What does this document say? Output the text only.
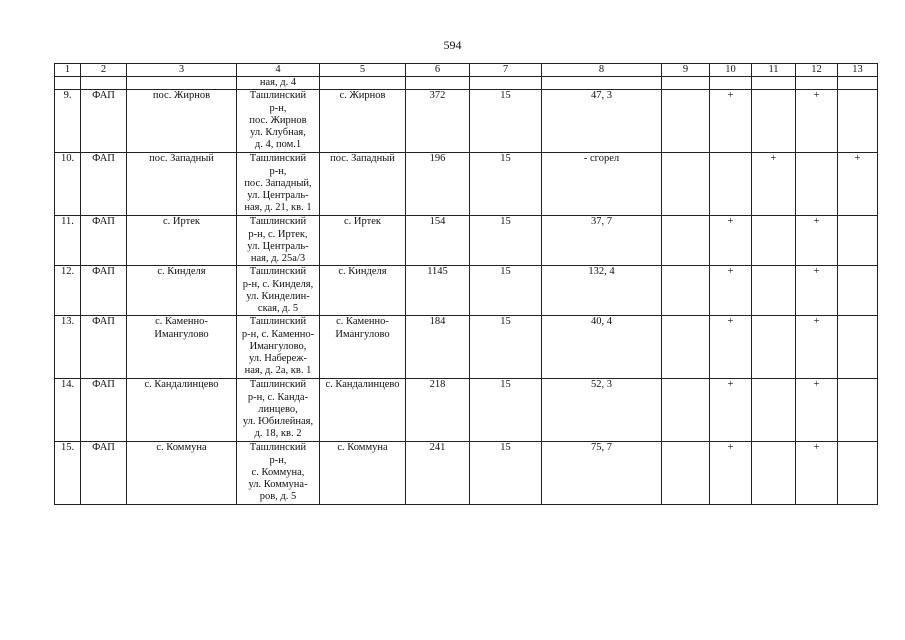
594
1	2	3	4	5	6	7	8	9	10	11	12	13
			ная, д. 4									
9.	ФАП	пос. Жирнов	Ташлинский
р-н,
пос. Жирнов
ул. Клубная,
д. 4, пом.1	с. Жирнов	372	15	47, 3		+		+	
10.	ФАП	пос. Западный	Ташлинский
р-н,
пос. Западный,
ул. Централь-
ная, д. 21, кв. 1	пос. Западный	196	15	- сгорел			+		+
11.	ФАП	с. Иртек	Ташлинский
р-н, с. Иртек,
ул. Централь-
ная, д. 25а/3	с. Иртек	154	15	37, 7		+		+	
12.	ФАП	с. Кинделя	Ташлинский
р-н, с. Кинделя,
ул. Кинделин-
ская, д. 5	с. Кинделя	1145	15	132, 4		+		+	
13.	ФАП	с. Каменно-
Имангулово	Ташлинский
р-н, с. Каменно-
Имангулово,
ул. Набереж-
ная, д. 2а, кв. 1	с. Каменно-
Имангулово	184	15	40, 4		+		+	
14.	ФАП	с. Кандалинцево	Ташлинский
р-н, с. Канда-
линцево,
ул. Юбилейная,
д. 18, кв. 2	с. Кандалинцево	218	15	52, 3		+		+	
15.	ФАП	с. Коммуна	Ташлинский
р-н,
с. Коммуна,
ул. Коммуна-
ров, д. 5	с. Коммуна	241	15	75, 7		+		+	
